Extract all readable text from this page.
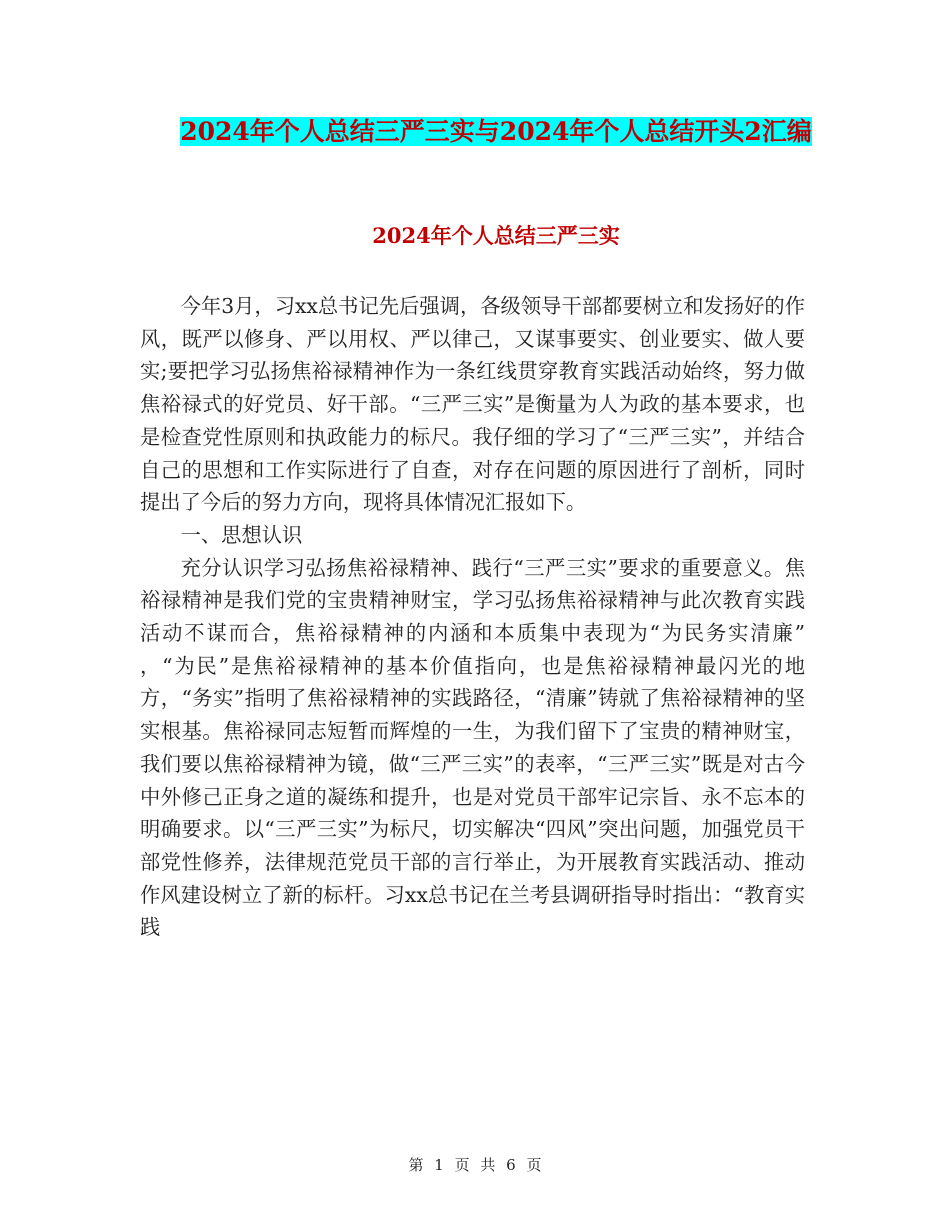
2024年个人总结三严三实与2024年个人总结开头2汇编
2024年个人总结三严三实

今年3月，习xx总书记先后强调，各级领导干部都要树立和发扬好的作风，既严以修身、严以用权、严以律己，又谋事要实、创业要实、做人要实;要把学习弘扬焦裕禄精神作为一条红线贯穿教育实践活动始终，努力做焦裕禄式的好党员、好干部。“三严三实”是衡量为人为政的基本要求，也是检查党性原则和执政能力的标尺。我仔细的学习了“三严三实”，并结合自己的思想和工作实际进行了自查，对存在问题的原因进行了剖析，同时提出了今后的努力方向，现将具体情况汇报如下。

一、思想认识

充分认识学习弘扬焦裕禄精神、践行“三严三实”要求的重要意义。焦裕禄精神是我们党的宝贵精神财宝，学习弘扬焦裕禄精神与此次教育实践活动不谋而合，焦裕禄精神的内涵和本质集中表现为“为民务实清廉” ，“为民”是焦裕禄精神的基本价值指向，也是焦裕禄精神最闪光的地方，“务实”指明了焦裕禄精神的实践路径，“清廉”铸就了焦裕禄精神的坚实根基。焦裕禄同志短暂而辉煌的一生，为我们留下了宝贵的精神财宝，我们要以焦裕禄精神为镜，做“三严三实”的表率，“三严三实”既是对古今中外修己正身之道的凝练和提升，也是对党员干部牢记宗旨、永不忘本的明确要求。以“三严三实”为标尺，切实解决“四风”突出问题，加强党员干部党性修养，法律规范党员干部的言行举止，为开展教育实践活动、推动作风建设树立了新的标杆。习xx总书记在兰考县调研指导时指出：“教育实践

第 1 页 共 6 页
